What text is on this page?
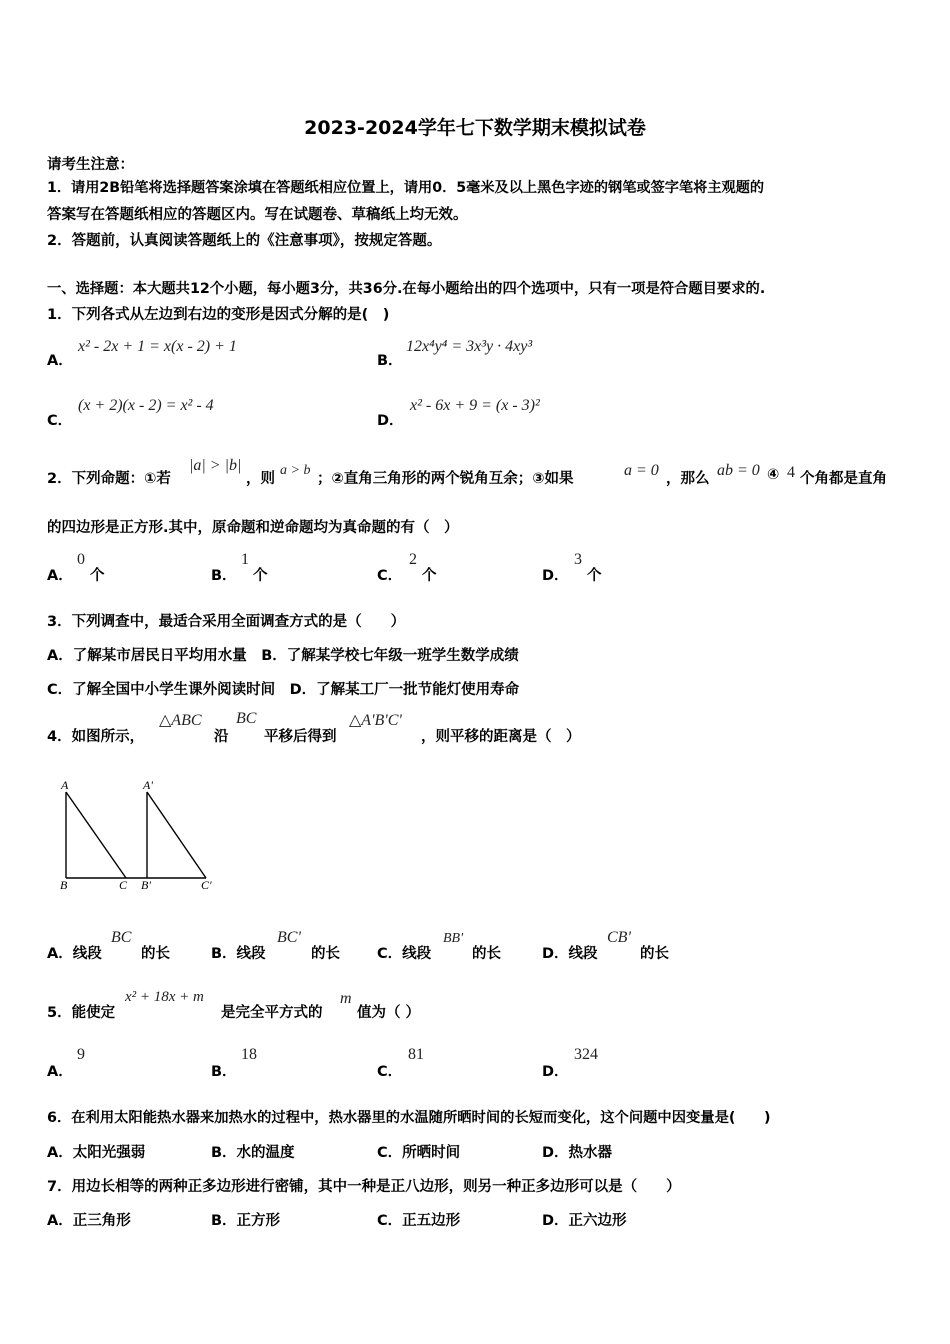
2023-2024学年七下数学期末模拟试卷
请考生注意：
1．请用2B铅笔将选择题答案涂填在答题纸相应位置上，请用0．5毫米及以上黑色字迹的钢笔或签字笔将主观题的
答案写在答题纸相应的答题区内。写在试题卷、草稿纸上均无效。
2．答题前，认真阅读答题纸上的《注意事项》，按规定答题。
一、选择题：本大题共12个小题，每小题3分，共36分.在每小题给出的四个选项中，只有一项是符合题目要求的.
1．下列各式从左边到右边的变形是因式分解的是(　)
A．
x² - 2x + 1 = x(x - 2) + 1
B．
12x⁴y⁴ = 3x³y · 4xy³
C．
(x + 2)(x - 2) = x² - 4
D．
x² - 6x + 9 = (x - 3)²
2．下列命题：①若
|a| > |b|
，则
a > b
；②直角三角形的两个锐角互余；③如果	a = 0 ，那么 ab = 0 ④ 4 个角都是直角
的四边形是正方形.其中，原命题和逆命题均为真命题的有（　）
A．
0
个	B．
1
个	C．
2
个	D．
3
个
3．下列调查中，最适合采用全面调查方式的是（　　）
A．了解某市居民日平均用水量　B．了解某学校七年级一班学生数学成绩
C．了解全国中小学生课外阅读时间　D．了解某工厂一批节能灯使用寿命
4．如图所示，
△ABC
沿
BC
平移后得到
△A'B'C'
，则平移的距离是（　）
A	A'
B	C B'	C'
A．线段
BC
的长	B．线段
BC'
的长	C．线段
BB'
的长	D．线段
CB'
的长
5．能使定
x² + 18x + m
是完全平方式的
m
值为（ ）
A．
9
B．
18
C．
81
D．
324
6．在利用太阳能热水器来加热水的过程中，热水器里的水温随所晒时间的长短而变化，这个问题中因变量是(　　)
A．太阳光强弱	B．水的温度	C．所晒时间	D．热水器
7．用边长相等的两种正多边形进行密铺，其中一种是正八边形，则另一种正多边形可以是（　　）
A．正三角形	B．正方形	C．正五边形	D．正六边形
